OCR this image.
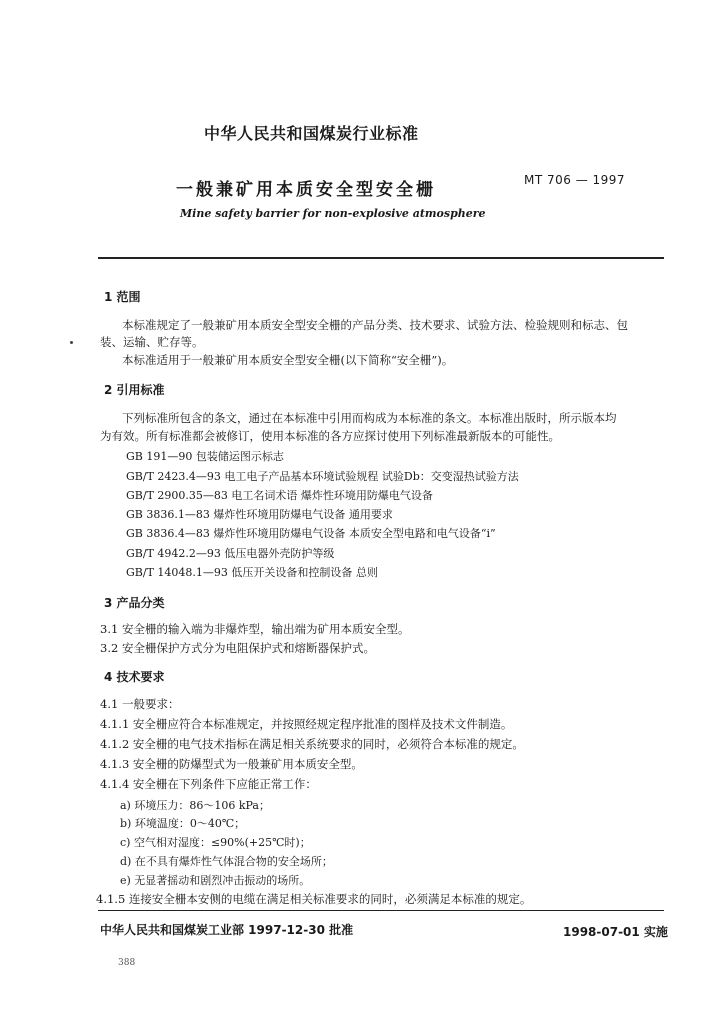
中华人民共和国煤炭行业标准
一般兼矿用本质安全型安全栅	MT 706 — 1997
Mine safety barrier for non-explosive atmosphere
1 范围
本标准规定了一般兼矿用本质安全型安全栅的产品分类、技术要求、试验方法、检验规则和标志、包
装、运输、贮存等。
本标准适用于一般兼矿用本质安全型安全栅(以下简称“安全栅”)。
2 引用标准
下列标准所包含的条文，通过在本标准中引用而构成为本标准的条文。本标准出版时，所示版本均
为有效。所有标准都会被修订，使用本标准的各方应探讨使用下列标准最新版本的可能性。
GB 191—90 包装储运图示标志
GB/T 2423.4—93 电工电子产品基本环境试验规程 试验Db：交变湿热试验方法
GB/T 2900.35—83 电工名词术语 爆炸性环境用防爆电气设备
GB 3836.1—83 爆炸性环境用防爆电气设备 通用要求
GB 3836.4—83 爆炸性环境用防爆电气设备 本质安全型电路和电气设备“i”
GB/T 4942.2—93 低压电器外壳防护等级
GB/T 14048.1—93 低压开关设备和控制设备 总则
3 产品分类
3.1 安全栅的输入端为非爆炸型，输出端为矿用本质安全型。
3.2 安全栅保护方式分为电阻保护式和熔断器保护式。
4 技术要求
4.1 一般要求：
4.1.1 安全栅应符合本标准规定，并按照经规定程序批准的图样及技术文件制造。
4.1.2 安全栅的电气技术指标在满足相关系统要求的同时，必须符合本标准的规定。
4.1.3 安全栅的防爆型式为一般兼矿用本质安全型。
4.1.4 安全栅在下列条件下应能正常工作：
a) 环境压力：86～106 kPa；
b) 环境温度：0～40℃；
c) 空气相对湿度：≤90%(+25℃时)；
d) 在不具有爆炸性气体混合物的安全场所；
e) 无显著摇动和剧烈冲击振动的场所。
4.1.5 连接安全栅本安侧的电缆在满足相关标准要求的同时，必须满足本标准的规定。
中华人民共和国煤炭工业部 1997-12-30 批准	1998-07-01 实施
388
